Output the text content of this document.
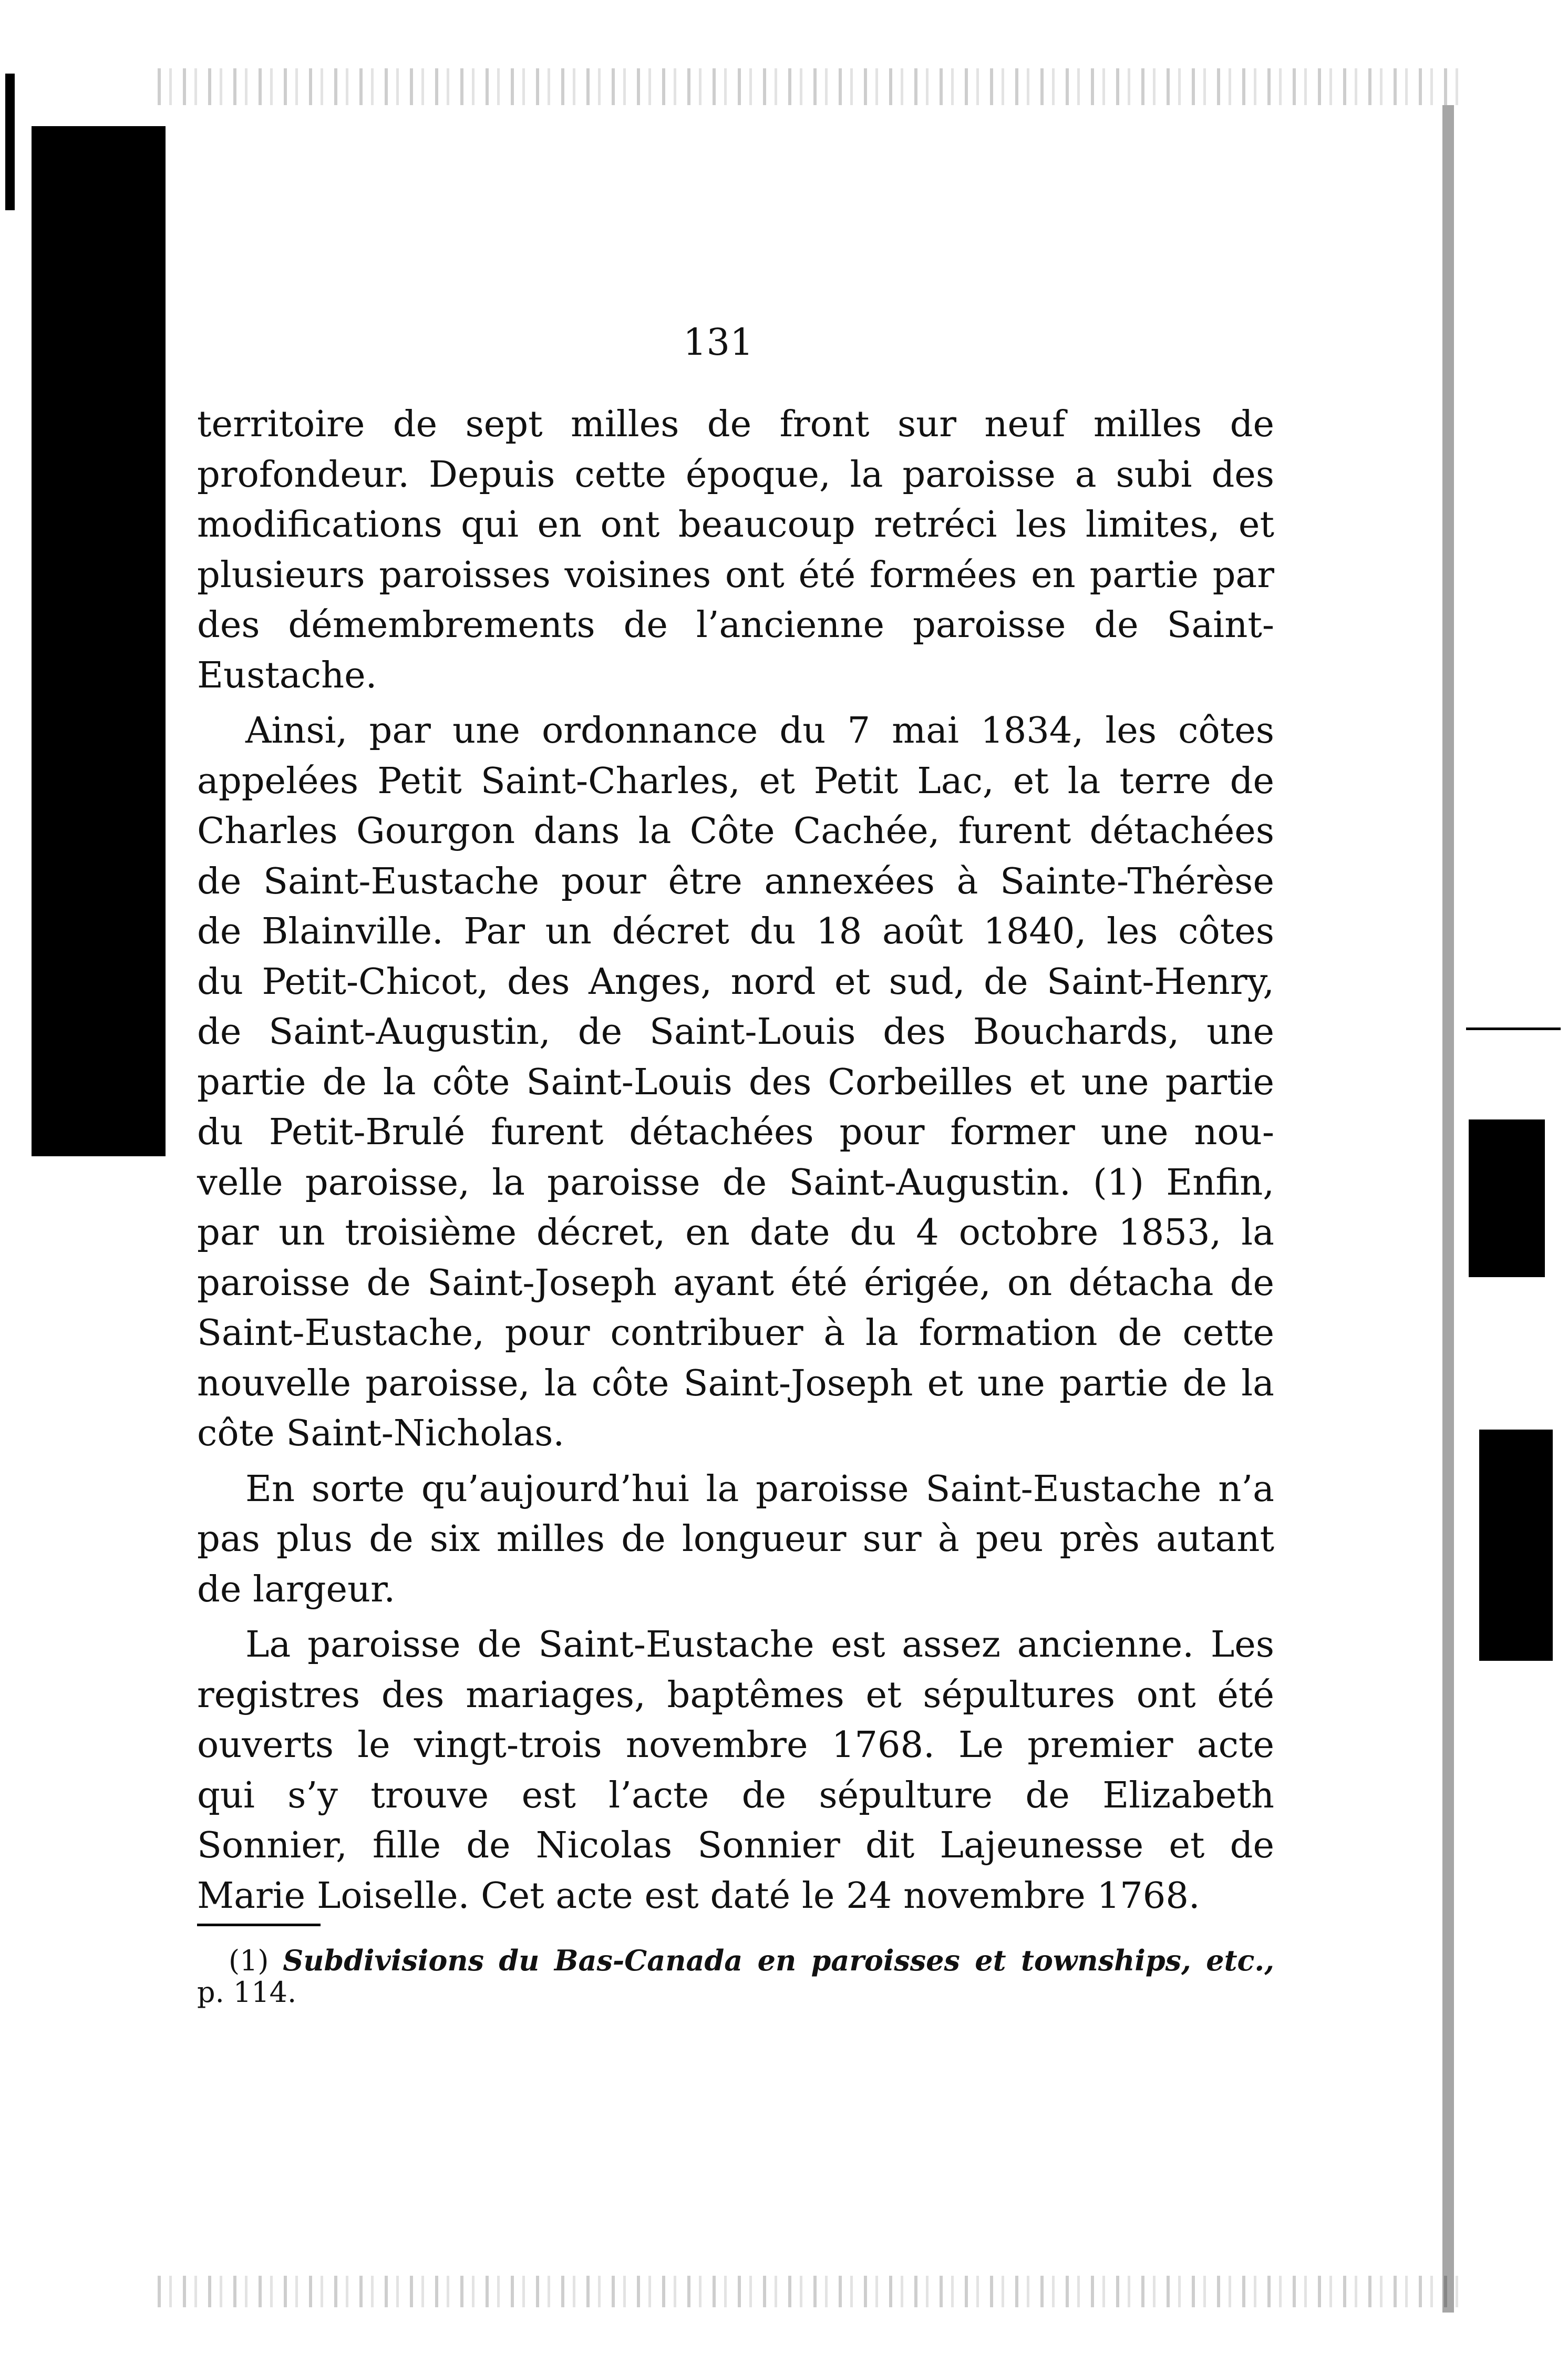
131

territoire de sept milles de front sur neuf milles de
profondeur. Depuis cette époque, la paroisse a subi des
modifications qui en ont beaucoup retréci les limites, et
plusieurs paroisses voisines ont été formées en partie par
des démembrements de l’ancienne paroisse de Saint-
Eustache.

Ainsi, par une ordonnance du 7 mai 1834, les côtes
appelées Petit Saint-Charles, et Petit Lac, et la terre de
Charles Gourgon dans la Côte Cachée, furent détachées
de Saint-Eustache pour être annexées à Sainte-Thérèse
de Blainville. Par un décret du 18 août 1840, les côtes
du Petit-Chicot, des Anges, nord et sud, de Saint-Henry,
de Saint-Augustin, de Saint-Louis des Bouchards, une
partie de la côte Saint-Louis des Corbeilles et une partie
du Petit-Brulé furent détachées pour former une nou-
velle paroisse, la paroisse de Saint-Augustin. (1) Enfin,
par un troisième décret, en date du 4 octobre 1853, la
paroisse de Saint-Joseph ayant été érigée, on détacha de
Saint-Eustache, pour contribuer à la formation de cette
nouvelle paroisse, la côte Saint-Joseph et une partie de la
côte Saint-Nicholas.

En sorte qu’aujourd’hui la paroisse Saint-Eustache n’a
pas plus de six milles de longueur sur à peu près autant
de largeur.

La paroisse de Saint-Eustache est assez ancienne. Les
registres des mariages, baptêmes et sépultures ont été
ouverts le vingt-trois novembre 1768. Le premier acte
qui s’y trouve est l’acte de sépulture de Elizabeth
Sonnier, fille de Nicolas Sonnier dit Lajeunesse et de
Marie Loiselle. Cet acte est daté le 24 novembre 1768.

(1) Subdivisions du Bas-Canada en paroisses et townships, etc.,
p. 114.
